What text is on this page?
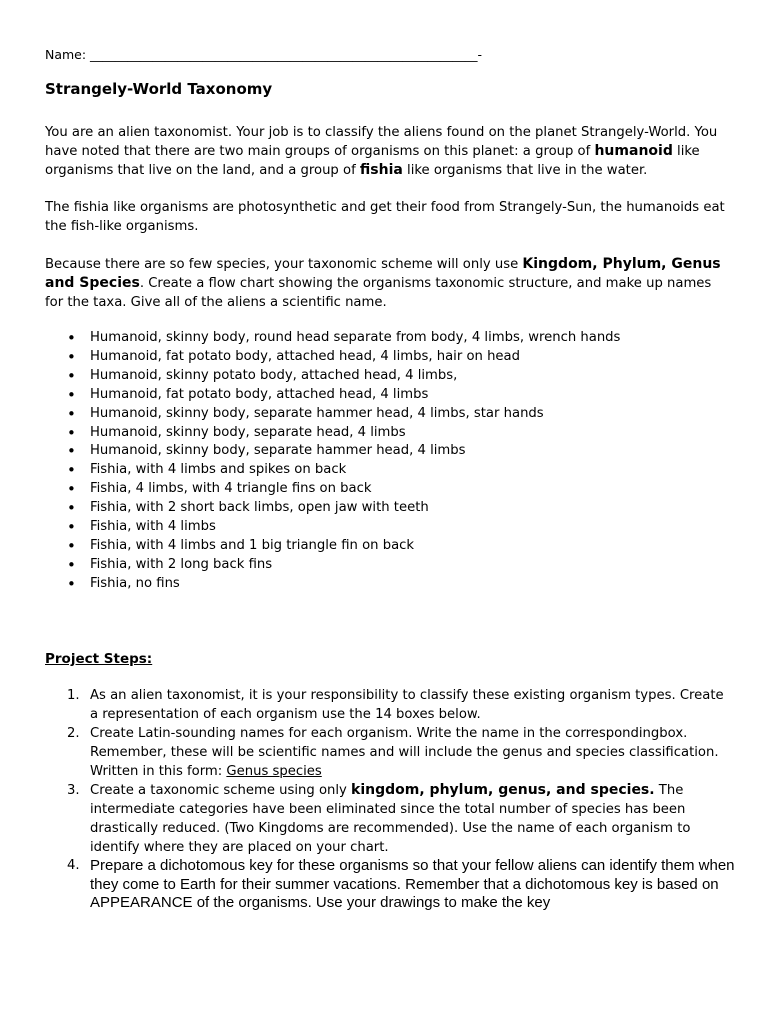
Name: ______________________________________________________________-
Strangely-World Taxonomy

You are an alien taxonomist. Your job is to classify the aliens found on the planet Strangely-World. You have noted that there are two main groups of organisms on this planet: a group of humanoid like organisms that live on the land, and a group of fishia like organisms that live in the water.

The fishia like organisms are photosynthetic and get their food from Strangely-Sun, the humanoids eat the fish-like organisms.

Because there are so few species, your taxonomic scheme will only use Kingdom, Phylum, Genus and Species. Create a flow chart showing the organisms taxonomic structure, and make up names for the taxa. Give all of the aliens a scientific name.

• Humanoid, skinny body, round head separate from body, 4 limbs, wrench hands
• Humanoid, fat potato body, attached head, 4 limbs, hair on head
• Humanoid, skinny potato body, attached head, 4 limbs,
• Humanoid, fat potato body, attached head, 4 limbs
• Humanoid, skinny body, separate hammer head, 4 limbs, star hands
• Humanoid, skinny body, separate head, 4 limbs
• Humanoid, skinny body, separate hammer head, 4 limbs
• Fishia, with 4 limbs and spikes on back
• Fishia, 4 limbs, with 4 triangle fins on back
• Fishia, with 2 short back limbs, open jaw with teeth
• Fishia, with 4 limbs
• Fishia, with 4 limbs and 1 big triangle fin on back
• Fishia, with 2 long back fins
• Fishia, no fins
Project Steps:
1. As an alien taxonomist, it is your responsibility to classify these existing organism types. Create a representation of each organism use the 14 boxes below.
2. Create Latin-sounding names for each organism. Write the name in the correspondingbox. Remember, these will be scientific names and will include the genus and species classification. Written in this form: Genus species
3. Create a taxonomic scheme using only kingdom, phylum, genus, and species. The intermediate categories have been eliminated since the total number of species has been drastically reduced. (Two Kingdoms are recommended). Use the name of each organism to identify where they are placed on your chart.
4. Prepare a dichotomous key for these organisms so that your fellow aliens can identify them when they come to Earth for their summer vacations. Remember that a dichotomous key is based on APPEARANCE of the organisms. Use your drawings to make the key
